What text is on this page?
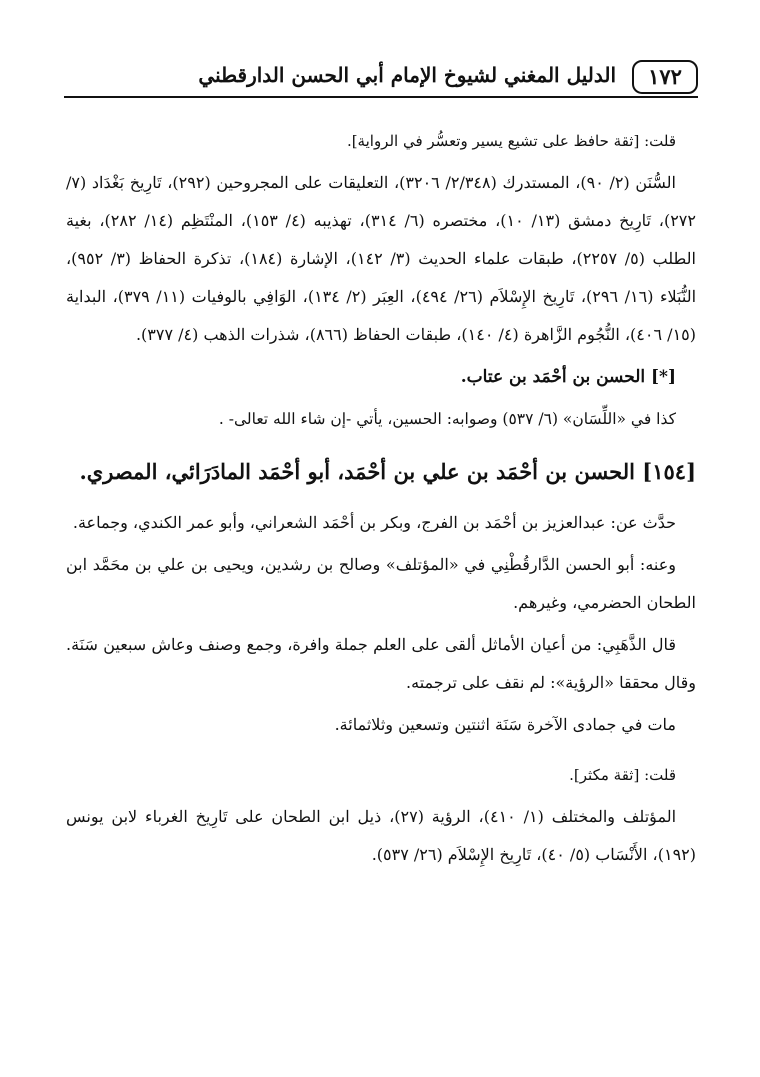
١٧٢
الدليل المغني لشيوخ الإمام أبي الحسن الدارقطني

قلت: [ثقة حافظ على تشيع يسير وتعسُّر في الرواية].

السُّنَن (٢/ ٩٠)، المستدرك (٢/٣٤٨/ ٣٢٠٦)، التعليقات على المجروحين (٢٩٢)، تَارِيخ بَغْدَاد (٧/ ٢٧٢)، تَارِيخ دمشق (١٣/ ١٠)، مختصره (٦/ ٣١٤)، تهذيبه (٤/ ١٥٣)، المنْتَظِم (١٤/ ٢٨٢)، بغية الطلب (٥/ ٢٢٥٧)، طبقات علماء الحديث (٣/ ١٤٢)، الإشارة (١٨٤)، تذكرة الحفاظ (٣/ ٩٥٢)، النُّبَلاء (١٦/ ٢٩٦)، تَارِيخ الإِسْلاَم (٢٦/ ٤٩٤)، العِبَر (٢/ ١٣٤)، الوَافِي بالوفيات (١١/ ٣٧٩)، البداية (١٥/ ٤٠٦)، النُّجُوم الزَّاهرة (٤/ ١٤٠)، طبقات الحفاظ (٨٦٦)، شذرات الذهب (٤/ ٣٧٧).

[*] الحسن بن أحْمَد بن عتاب.

كذا في «اللِّسَان» (٦/ ٥٣٧) وصوابه: الحسين، يأتي -إن شاء الله تعالى- .

[١٥٤] الحسن بن أحْمَد بن علي بن أحْمَد، أبو أحْمَد المادَرَائي، المصري.

حدَّث عن: عبدالعزيز بن أحْمَد بن الفرج، وبكر بن أحْمَد الشعراني، وأبو عمر الكندي، وجماعة.

وعنه: أبو الحسن الدَّارقُطْنِي في «المؤتلف» وصالح بن رشدين، ويحيى بن علي بن محَمَّد ابن الطحان الحضرمي، وغيرهم.

قال الذَّهَبِي: من أعيان الأماثل ألقى على العلم جملة وافرة، وجمع وصنف وعاش سبعين سَنَة. وقال محققا «الرؤية»: لم نقف على ترجمته.

مات في جمادى الآخرة سَنَة اثنتين وتسعين وثلاثمائة.

قلت: [ثقة مكثر].

المؤتلف والمختلف (١/ ٤١٠)، الرؤية (٢٧)، ذيل ابن الطحان على تَارِيخ الغرباء لابن يونس (١٩٢)، الأَنْسَاب (٥/ ٤٠)، تَارِيخ الإِسْلاَم (٢٦/ ٥٣٧).
